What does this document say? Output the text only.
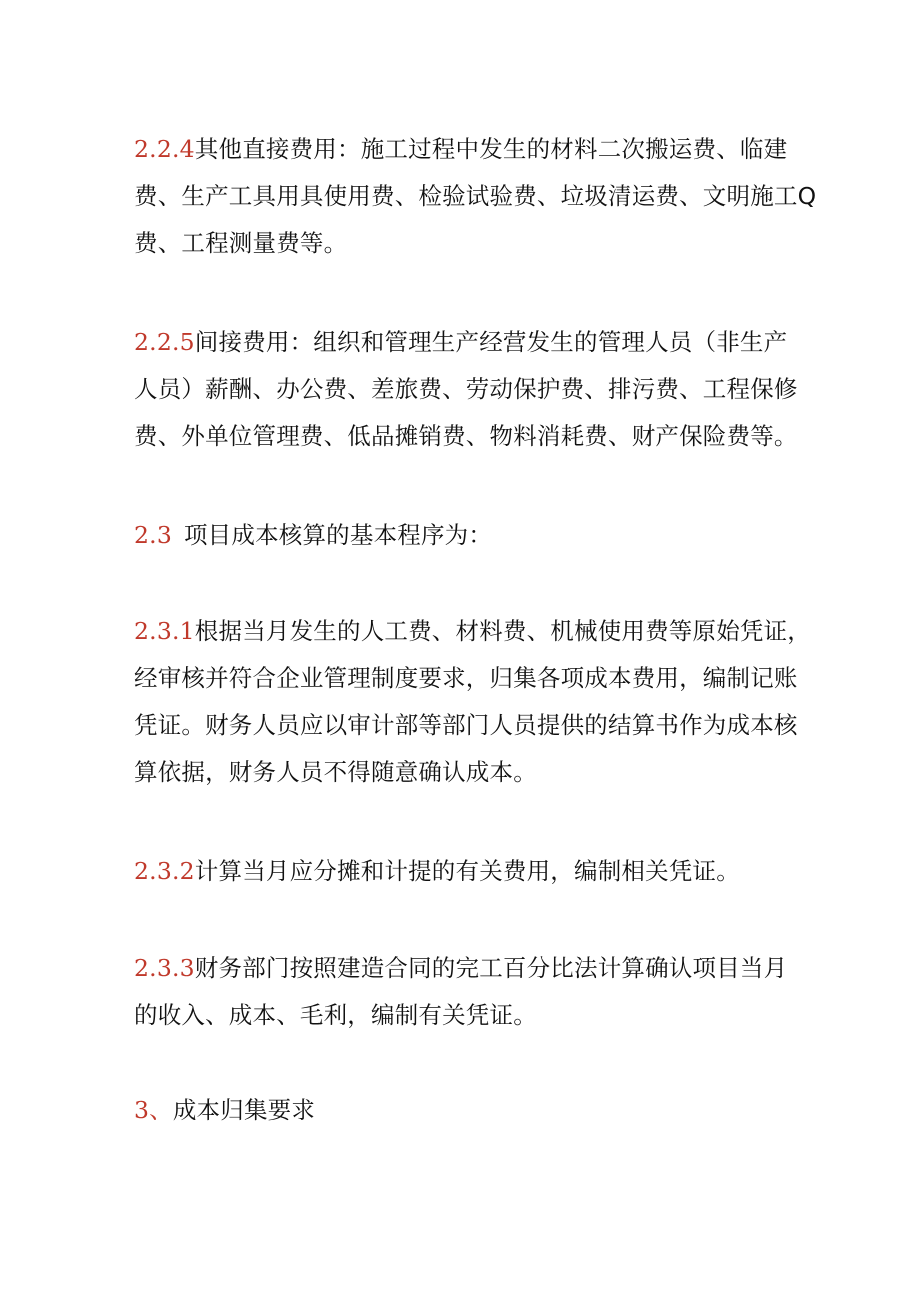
2.2.4其他直接费用：施工过程中发生的材料二次搬运费、临建
费、生产工具用具使用费、检验试验费、垃圾清运费、文明施工Q
费、工程测量费等。

2.2.5间接费用：组织和管理生产经营发生的管理人员（非生产
人员）薪酬、办公费、差旅费、劳动保护费、排污费、工程保修
费、外单位管理费、低品摊销费、物料消耗费、财产保险费等。

2.3 项目成本核算的基本程序为：

2.3.1根据当月发生的人工费、材料费、机械使用费等原始凭证，
经审核并符合企业管理制度要求，归集各项成本费用，编制记账
凭证。财务人员应以审计部等部门人员提供的结算书作为成本核
算依据，财务人员不得随意确认成本。

2.3.2计算当月应分摊和计提的有关费用，编制相关凭证。

2.3.3财务部门按照建造合同的完工百分比法计算确认项目当月
的收入、成本、毛利，编制有关凭证。

3、成本归集要求
